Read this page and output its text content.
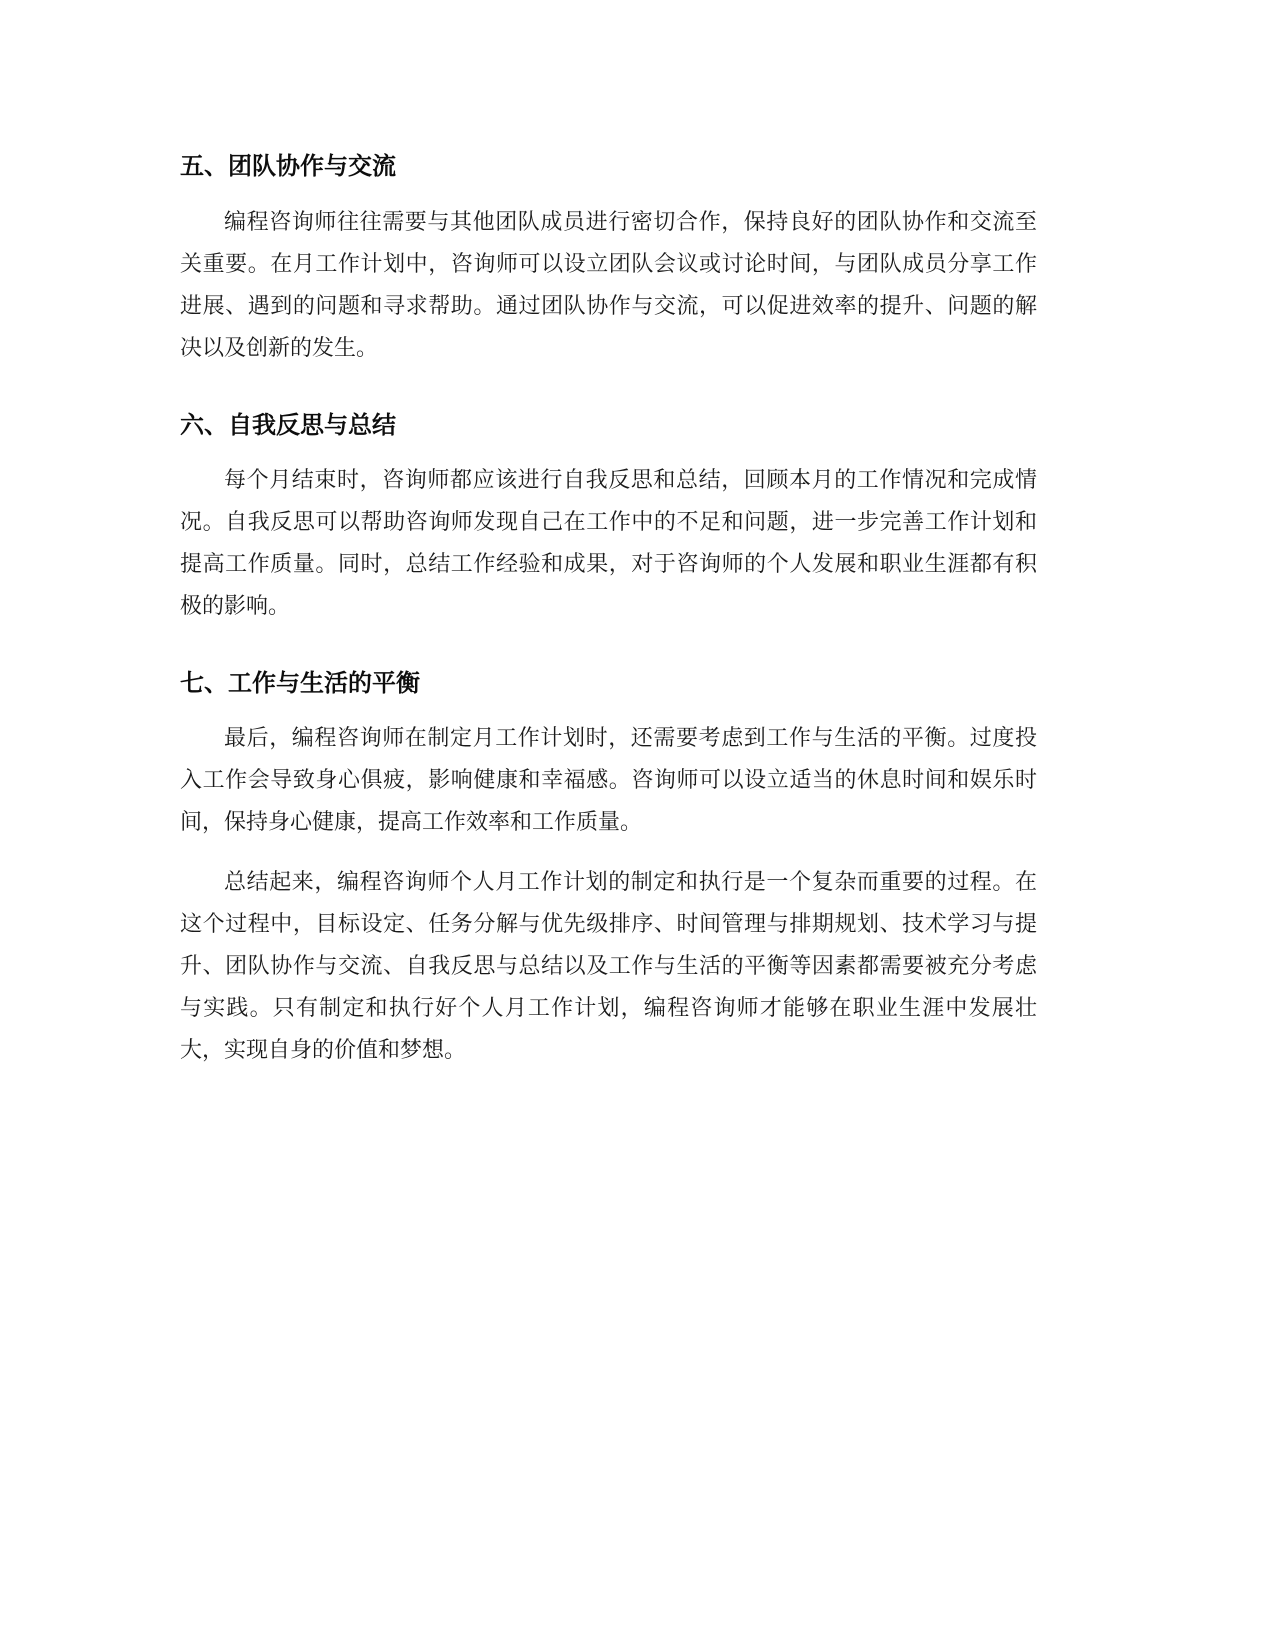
五、团队协作与交流

编程咨询师往往需要与其他团队成员进行密切合作，保持良好的团队协作和交流至关重要。在月工作计划中，咨询师可以设立团队会议或讨论时间，与团队成员分享工作进展、遇到的问题和寻求帮助。通过团队协作与交流，可以促进效率的提升、问题的解决以及创新的发生。

六、自我反思与总结

每个月结束时，咨询师都应该进行自我反思和总结，回顾本月的工作情况和完成情况。自我反思可以帮助咨询师发现自己在工作中的不足和问题，进一步完善工作计划和提高工作质量。同时，总结工作经验和成果，对于咨询师的个人发展和职业生涯都有积极的影响。

七、工作与生活的平衡

最后，编程咨询师在制定月工作计划时，还需要考虑到工作与生活的平衡。过度投入工作会导致身心俱疲，影响健康和幸福感。咨询师可以设立适当的休息时间和娱乐时间，保持身心健康，提高工作效率和工作质量。

总结起来，编程咨询师个人月工作计划的制定和执行是一个复杂而重要的过程。在这个过程中，目标设定、任务分解与优先级排序、时间管理与排期规划、技术学习与提升、团队协作与交流、自我反思与总结以及工作与生活的平衡等因素都需要被充分考虑与实践。只有制定和执行好个人月工作计划，编程咨询师才能够在职业生涯中发展壮大，实现自身的价值和梦想。
